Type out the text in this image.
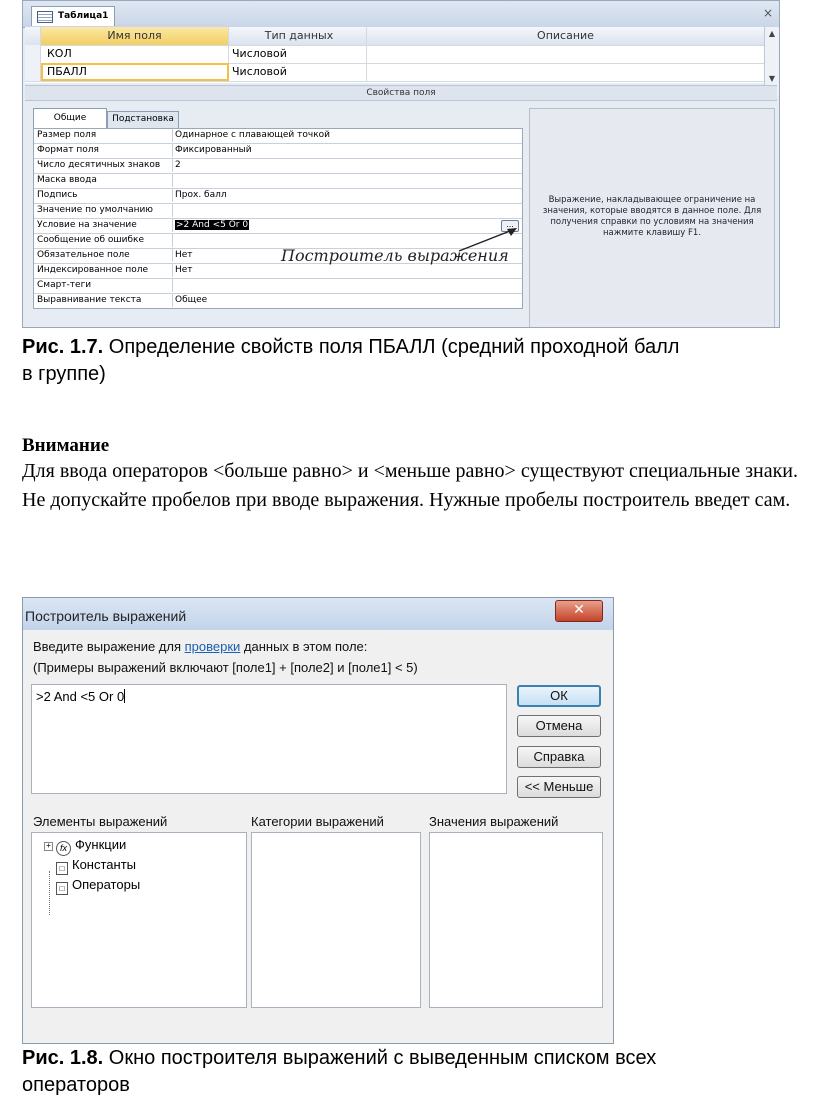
Таблица1	×
Имя поля	Тип данных	Описание
КОЛ	Числовой
ПБАЛЛ	Числовой
▲
▼
Свойства поля
Общие	Подстановка
Размер поля	Одинарное с плавающей точкой
Формат поля	Фиксированный
Число десятичных знаков	2
Маска ввода
Подпись	Прох. балл
Значение по умолчанию
Условие на значение	>2 And <5 Or 0	...
Сообщение об ошибке
Обязательное поле	Нет
Индексированное поле	Нет
Смарт-теги
Выравнивание текста	Общее
Построитель выражения
Выражение, накладывающее ограничение на значения, которые вводятся в данное поле. Для получения справки по условиям на значения нажмите клавишу F1.
Рис. 1.7. Определение свойств поля ПБАЛЛ (средний проходной балл
в группе)
Внимание
Для ввода операторов <больше равно> и <меньше равно> существуют специальные знаки. Не допускайте пробелов при вводе выражения. Нужные пробелы построитель введет сам.
Построитель выражений	✕
Введите выражение для проверки данных в этом поле:
(Примеры выражений включают [поле1] + [поле2] и [поле1] < 5)
>2 And <5 Or 0	ОК
Отмена
Справка
<< Меньше
Элементы выражений	Категории выражений	Значения выражений
+ fx Функции
□ Константы
□ Операторы
Рис. 1.8. Окно построителя выражений с выведенным списком всех
операторов
